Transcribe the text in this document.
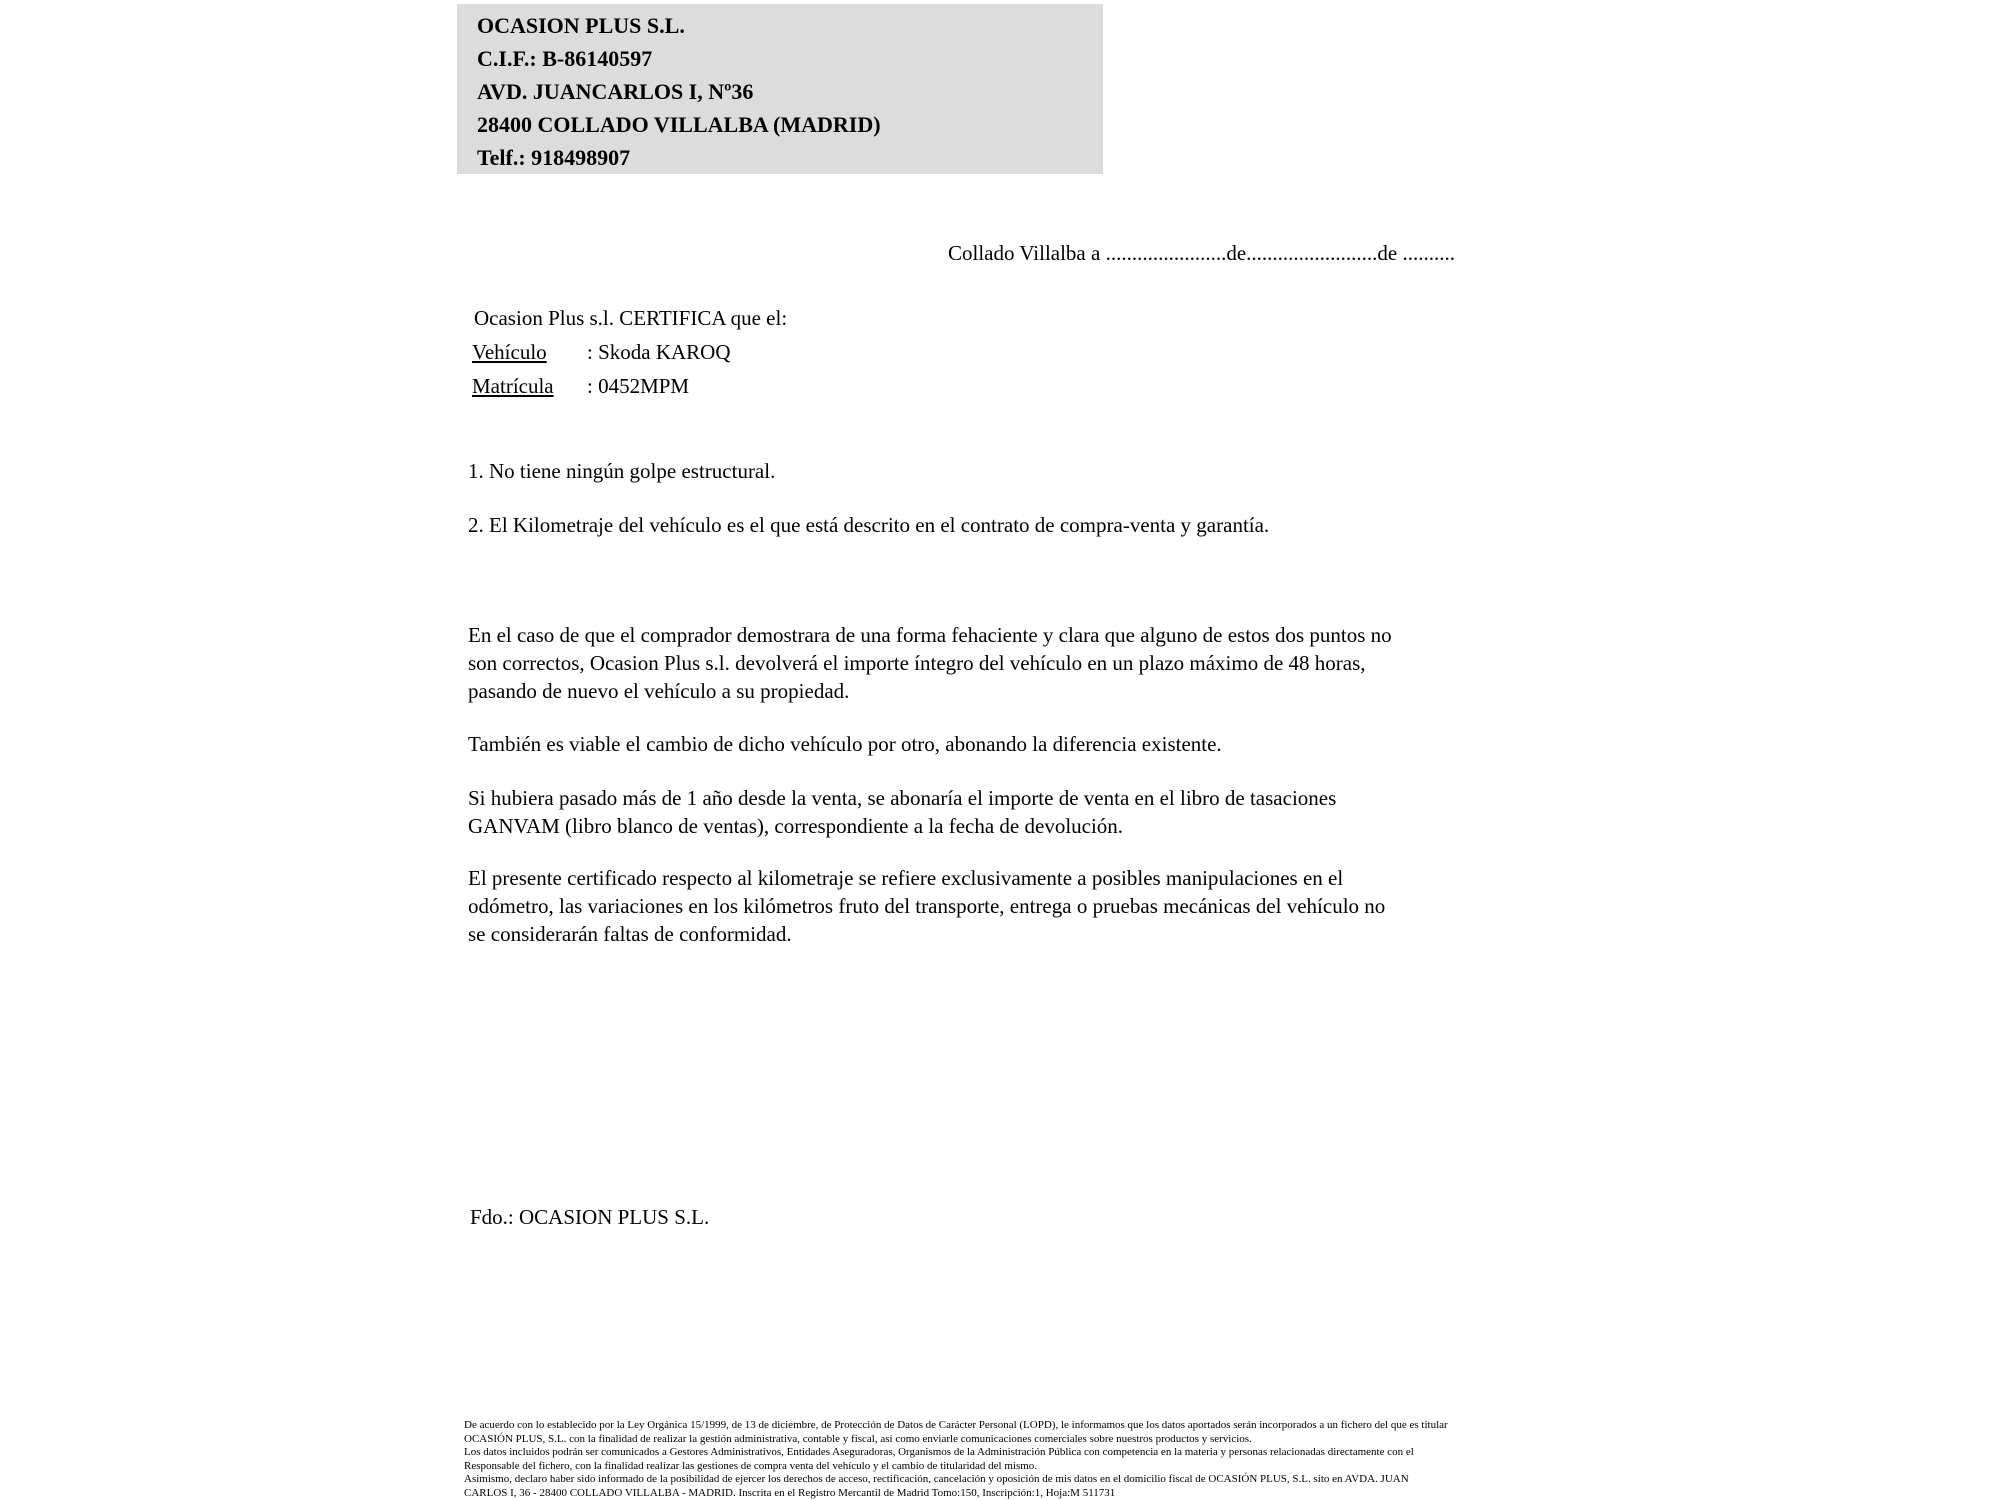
OCASION PLUS S.L.
C.I.F.: B-86140597
AVD. JUANCARLOS I, Nº36
28400 COLLADO VILLALBA (MADRID)
Telf.: 918498907
Collado Villalba a .......................de.........................de ..........
Ocasion Plus s.l. CERTIFICA que el:
Vehículo : Skoda KAROQ
Matrícula : 0452MPM
1. No tiene ningún golpe estructural.
2. El Kilometraje del vehículo es el que está descrito en el contrato de compra-venta y garantía.
En el caso de que el comprador demostrara de una forma fehaciente y clara que alguno de estos dos puntos no
son correctos, Ocasion Plus s.l. devolverá el importe íntegro del vehículo en un plazo máximo de 48 horas,
pasando de nuevo el vehículo a su propiedad.
También es viable el cambio de dicho vehículo por otro, abonando la diferencia existente.
Si hubiera pasado más de 1 año desde la venta, se abonaría el importe de venta en el libro de tasaciones
GANVAM (libro blanco de ventas), correspondiente a la fecha de devolución.
El presente certificado respecto al kilometraje se refiere exclusivamente a posibles manipulaciones en el
odómetro, las variaciones en los kilómetros fruto del transporte, entrega o pruebas mecánicas del vehículo no
se considerarán faltas de conformidad.
Fdo.: OCASION PLUS S.L.
De acuerdo con lo establecido por la Ley Orgánica 15/1999, de 13 de diciembre, de Protección de Datos de Carácter Personal (LOPD), le informamos que los datos aportados serán incorporados a un fichero del que es titular
OCASIÓN PLUS, S.L. con la finalidad de realizar la gestión administrativa, contable y fiscal, así como enviarle comunicaciones comerciales sobre nuestros productos y servicios.
Los datos incluidos podrán ser comunicados a Gestores Administrativos, Entidades Aseguradoras, Organismos de la Administración Pública con competencia en la materia y personas relacionadas directamente con el
Responsable del fichero, con la finalidad realizar las gestiones de compra venta del vehículo y el cambio de titularidad del mismo.
Asimismo, declaro haber sido informado de la posibilidad de ejercer los derechos de acceso, rectificación, cancelación y oposición de mis datos en el domicilio fiscal de OCASIÓN PLUS, S.L. sito en AVDA. JUAN
CARLOS I, 36 - 28400 COLLADO VILLALBA - MADRID. Inscrita en el Registro Mercantil de Madrid Tomo:150, Inscripción:1, Hoja:M 511731
